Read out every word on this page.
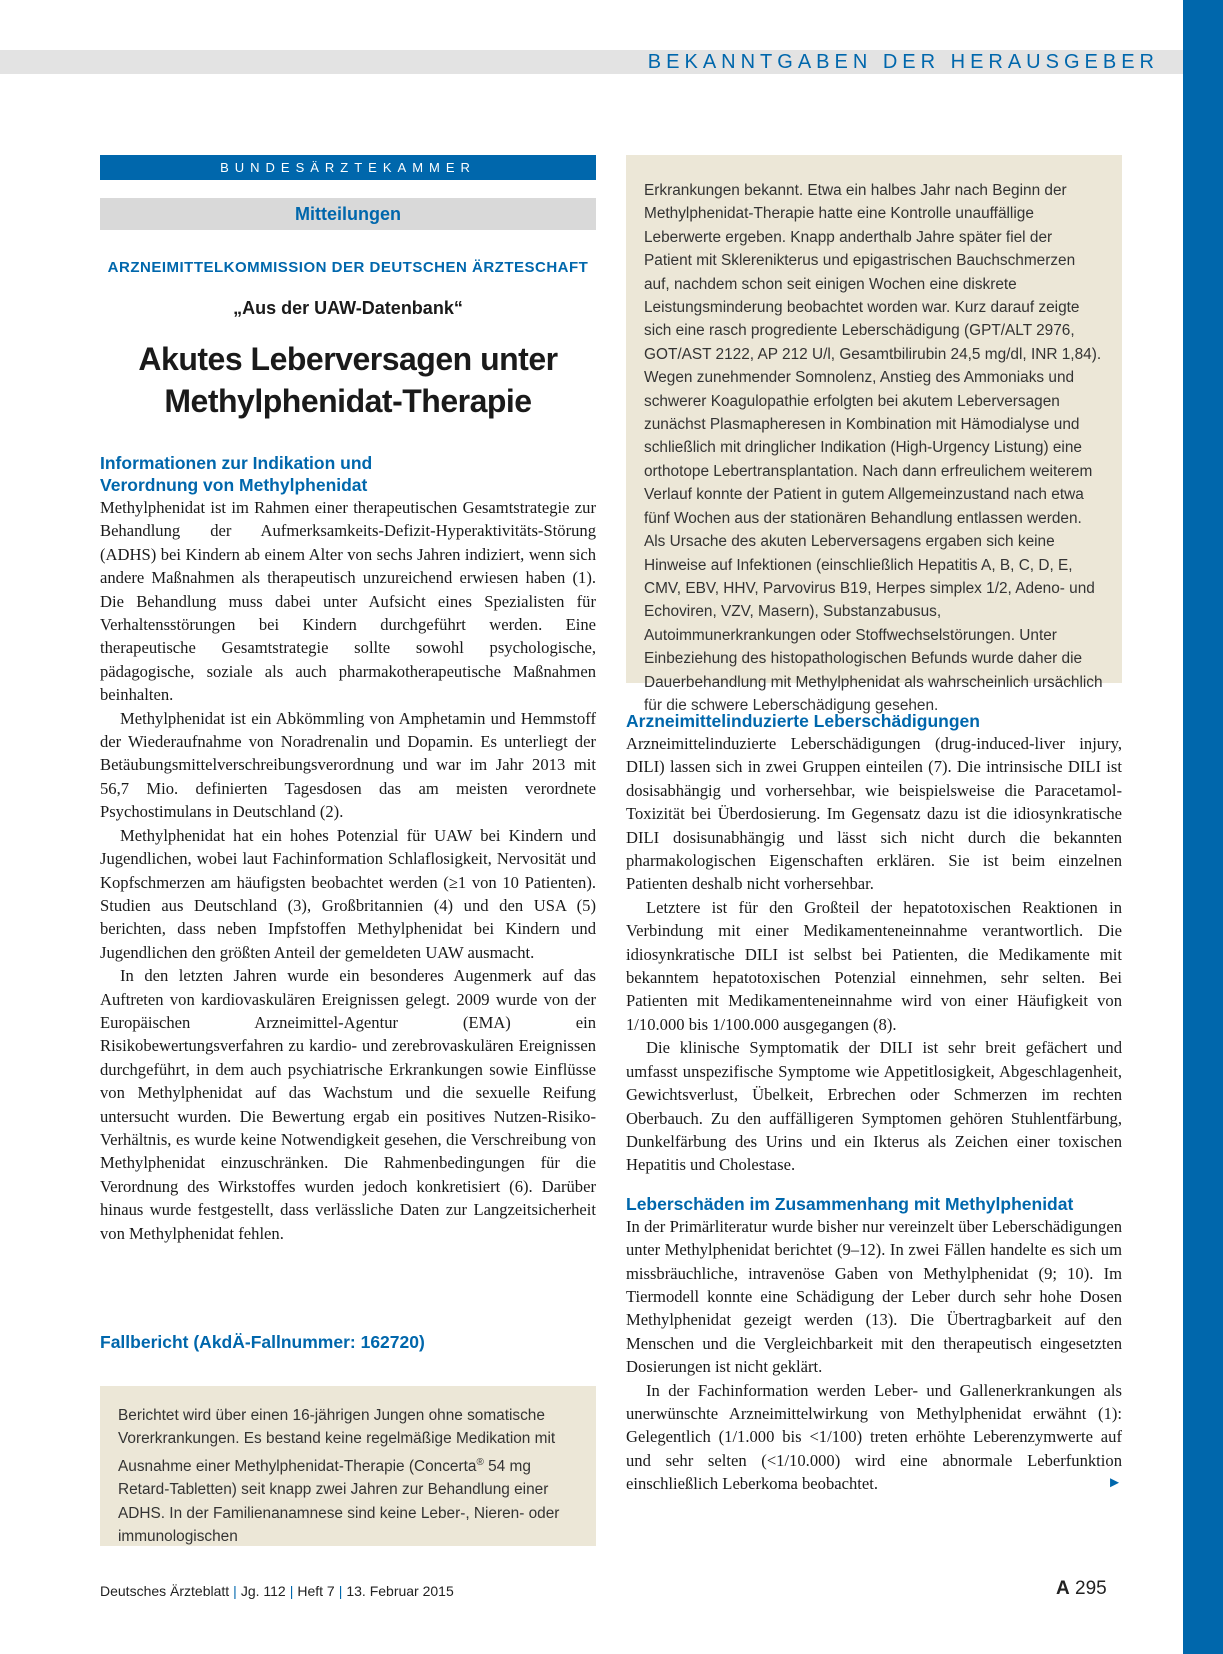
BEKANNTGABEN DER HERAUSGEBER
BUNDESÄRZTEKAMMER
Mitteilungen
ARZNEIMITTELKOMMISSION DER DEUTSCHEN ÄRZTESCHAFT
„Aus der UAW-Datenbank“
Akutes Leberversagen unter
Methylphenidat-Therapie
Informationen zur Indikation und Verordnung von Methylphenidat

Methylphenidat ist im Rahmen einer therapeutischen Gesamtstrategie zur Behandlung der Aufmerksamkeits-Defizit-Hyperaktivitäts-Störung (ADHS) bei Kindern ab einem Alter von sechs Jahren indiziert, wenn sich andere Maßnahmen als therapeutisch unzureichend erwiesen haben (1). Die Behandlung muss dabei unter Aufsicht eines Spezialisten für Verhaltensstörungen bei Kindern durchgeführt werden. Eine therapeutische Gesamtstrategie sollte sowohl psychologische, pädagogische, soziale als auch pharmakotherapeutische Maßnahmen beinhalten.

Methylphenidat ist ein Abkömmling von Amphetamin und Hemmstoff der Wiederaufnahme von Noradrenalin und Dopamin. Es unterliegt der Betäubungsmittelverschreibungsverordnung und war im Jahr 2013 mit 56,7 Mio. definierten Tagesdosen das am meisten verordnete Psychostimulans in Deutschland (2).

Methylphenidat hat ein hohes Potenzial für UAW bei Kindern und Jugendlichen, wobei laut Fachinformation Schlaflosigkeit, Nervosität und Kopfschmerzen am häufigsten beobachtet werden (≥1 von 10 Patienten). Studien aus Deutschland (3), Großbritannien (4) und den USA (5) berichten, dass neben Impfstoffen Methylphenidat bei Kindern und Jugendlichen den größten Anteil der gemeldeten UAW ausmacht.

In den letzten Jahren wurde ein besonderes Augenmerk auf das Auftreten von kardiovaskulären Ereignissen gelegt. 2009 wurde von der Europäischen Arzneimittel-Agentur (EMA) ein Risikobewertungsverfahren zu kardio- und zerebrovaskulären Ereignissen durchgeführt, in dem auch psychiatrische Erkrankungen sowie Einflüsse von Methylphenidat auf das Wachstum und die sexuelle Reifung untersucht wurden. Die Bewertung ergab ein positives Nutzen-Risiko-Verhältnis, es wurde keine Notwendigkeit gesehen, die Verschreibung von Methylphenidat einzuschränken. Die Rahmenbedingungen für die Verordnung des Wirkstoffes wurden jedoch konkretisiert (6). Darüber hinaus wurde festgestellt, dass verlässliche Daten zur Langzeitsicherheit von Methylphenidat fehlen.

Fallbericht (AkdÄ-Fallnummer: 162720)

Berichtet wird über einen 16-jährigen Jungen ohne somatische Vorerkrankungen. Es bestand keine regelmäßige Medikation mit Ausnahme einer Methylphenidat-Therapie (Concerta® 54 mg Retard-Tabletten) seit knapp zwei Jahren zur Behandlung einer ADHS. In der Familienanamnese sind keine Leber-, Nieren- oder immunologischen

Erkrankungen bekannt. Etwa ein halbes Jahr nach Beginn der Methylphenidat-Therapie hatte eine Kontrolle unauffällige Leberwerte ergeben. Knapp anderthalb Jahre später fiel der Patient mit Sklerenikterus und epigastrischen Bauchschmerzen auf, nachdem schon seit einigen Wochen eine diskrete Leistungsminderung beobachtet worden war. Kurz darauf zeigte sich eine rasch progrediente Leberschädigung (GPT/ALT 2976, GOT/AST 2122, AP 212 U/l, Gesamtbilirubin 24,5 mg/dl, INR 1,84). Wegen zunehmender Somnolenz, Anstieg des Ammoniaks und schwerer Koagulopathie erfolgten bei akutem Leberversagen zunächst Plasmapheresen in Kombination mit Hämodialyse und schließlich mit dringlicher Indikation (High-Urgency Listung) eine orthotope Lebertransplantation. Nach dann erfreulichem weiterem Verlauf konnte der Patient in gutem Allgemeinzustand nach etwa fünf Wochen aus der stationären Behandlung entlassen werden. Als Ursache des akuten Leberversagens ergaben sich keine Hinweise auf Infektionen (einschließlich Hepatitis A, B, C, D, E, CMV, EBV, HHV, Parvovirus B19, Herpes simplex 1/2, Adeno- und Echoviren, VZV, Masern), Substanzabusus, Autoimmunerkrankungen oder Stoffwechselstörungen. Unter Einbeziehung des histopathologischen Befunds wurde daher die Dauerbehandlung mit Methylphenidat als wahrscheinlich ursächlich für die schwere Leberschädigung gesehen.

Arzneimittelinduzierte Leberschädigungen

Arzneimittelinduzierte Leberschädigungen (drug-induced-liver injury, DILI) lassen sich in zwei Gruppen einteilen (7). Die intrinsische DILI ist dosisabhängig und vorhersehbar, wie beispielsweise die Paracetamol-Toxizität bei Überdosierung. Im Gegensatz dazu ist die idiosynkratische DILI dosisunabhängig und lässt sich nicht durch die bekannten pharmakologischen Eigenschaften erklären. Sie ist beim einzelnen Patienten deshalb nicht vorhersehbar.

Letztere ist für den Großteil der hepatotoxischen Reaktionen in Verbindung mit einer Medikamenteneinnahme verantwortlich. Die idiosynkratische DILI ist selbst bei Patienten, die Medikamente mit bekanntem hepatotoxischen Potenzial einnehmen, sehr selten. Bei Patienten mit Medikamenteneinnahme wird von einer Häufigkeit von 1/10.000 bis 1/100.000 ausgegangen (8).

Die klinische Symptomatik der DILI ist sehr breit gefächert und umfasst unspezifische Symptome wie Appetitlosigkeit, Abgeschlagenheit, Gewichtsverlust, Übelkeit, Erbrechen oder Schmerzen im rechten Oberbauch. Zu den auffälligeren Symptomen gehören Stuhlentfärbung, Dunkelfärbung des Urins und ein Ikterus als Zeichen einer toxischen Hepatitis und Cholestase.

Leberschäden im Zusammenhang mit Methylphenidat

In der Primärliteratur wurde bisher nur vereinzelt über Leberschädigungen unter Methylphenidat berichtet (9–12). In zwei Fällen handelte es sich um missbräuchliche, intravenöse Gaben von Methylphenidat (9; 10). Im Tiermodell konnte eine Schädigung der Leber durch sehr hohe Dosen Methylphenidat gezeigt werden (13). Die Übertragbarkeit auf den Menschen und die Vergleichbarkeit mit den therapeutisch eingesetzten Dosierungen ist nicht geklärt.

In der Fachinformation werden Leber- und Gallenerkrankungen als unerwünschte Arzneimittelwirkung von Methylphenidat erwähnt (1): Gelegentlich (1/1.000 bis <1/100) treten erhöhte Leberenzymwerte auf und sehr selten (<1/10.000) wird eine abnormale Leberfunktion einschließlich Leberkoma beobachtet.	►

Deutsches Ärzteblatt | Jg. 112 | Heft 7 | 13. Februar 2015	A 295
